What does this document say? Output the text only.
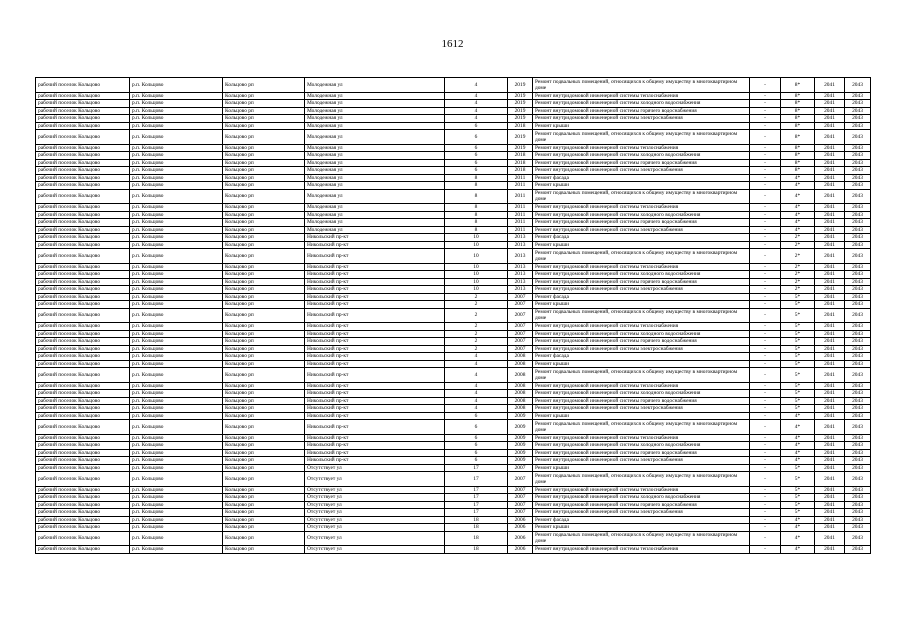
1612
рабочий поселок Кольцово	р.п. Кольцово	Кольцово рп	Молодежная ул	4	2019	Ремонт подвальных помещений, относящихся к общему имуществу в многоквартирном доме	-	8*	2041	2043
рабочий поселок Кольцово	р.п. Кольцово	Кольцово рп	Молодежная ул	4	2019	Ремонт внутридомовой инженерной системы теплоснабжения	-	8*	2041	2043
рабочий поселок Кольцово	р.п. Кольцово	Кольцово рп	Молодежная ул	4	2019	Ремонт внутридомовой инженерной системы холодного водоснабжения	-	8*	2041	2043
рабочий поселок Кольцово	р.п. Кольцово	Кольцово рп	Молодежная ул	4	2019	Ремонт внутридомовой инженерной системы горячего водоснабжения	-	8*	2041	2043
рабочий поселок Кольцово	р.п. Кольцово	Кольцово рп	Молодежная ул	4	2019	Ремонт внутридомовой инженерной системы электроснабжения	-	8*	2041	2043
рабочий поселок Кольцово	р.п. Кольцово	Кольцово рп	Молодежная ул	6	2018	Ремонт крыши	-	8*	2041	2043
рабочий поселок Кольцово	р.п. Кольцово	Кольцово рп	Молодежная ул	6	2019	Ремонт подвальных помещений, относящихся к общему имуществу в многоквартирном доме	-	8*	2041	2043
рабочий поселок Кольцово	р.п. Кольцово	Кольцово рп	Молодежная ул	6	2019	Ремонт внутридомовой инженерной системы теплоснабжения	-	8*	2041	2043
рабочий поселок Кольцово	р.п. Кольцово	Кольцово рп	Молодежная ул	6	2018	Ремонт внутридомовой инженерной системы холодного водоснабжения	-	8*	2041	2043
рабочий поселок Кольцово	р.п. Кольцово	Кольцово рп	Молодежная ул	6	2018	Ремонт внутридомовой инженерной системы горячего водоснабжения	-	8*	2041	2043
рабочий поселок Кольцово	р.п. Кольцово	Кольцово рп	Молодежная ул	6	2018	Ремонт внутридомовой инженерной системы электроснабжения	-	8*	2041	2043
рабочий поселок Кольцово	р.п. Кольцово	Кольцово рп	Молодежная ул	8	2011	Ремонт фасада	-	4*	2041	2043
рабочий поселок Кольцово	р.п. Кольцово	Кольцово рп	Молодежная ул	8	2011	Ремонт крыши	-	4*	2041	2043
рабочий поселок Кольцово	р.п. Кольцово	Кольцово рп	Молодежная ул	8	2011	Ремонт подвальных помещений, относящихся к общему имуществу в многоквартирном доме	-	4*	2041	2043
рабочий поселок Кольцово	р.п. Кольцово	Кольцово рп	Молодежная ул	8	2011	Ремонт внутридомовой инженерной системы теплоснабжения	-	4*	2041	2043
рабочий поселок Кольцово	р.п. Кольцово	Кольцово рп	Молодежная ул	8	2011	Ремонт внутридомовой инженерной системы холодного водоснабжения	-	4*	2041	2043
рабочий поселок Кольцово	р.п. Кольцово	Кольцово рп	Молодежная ул	8	2011	Ремонт внутридомовой инженерной системы горячего водоснабжения	-	4*	2041	2043
рабочий поселок Кольцово	р.п. Кольцово	Кольцово рп	Молодежная ул	8	2011	Ремонт внутридомовой инженерной системы электроснабжения	-	4*	2041	2043
рабочий поселок Кольцово	р.п. Кольцово	Кольцово рп	Никольский пр-кт	10	2013	Ремонт фасада	-	2*	2041	2043
рабочий поселок Кольцово	р.п. Кольцово	Кольцово рп	Никольский пр-кт	10	2013	Ремонт крыши	-	2*	2041	2043
рабочий поселок Кольцово	р.п. Кольцово	Кольцово рп	Никольский пр-кт	10	2013	Ремонт подвальных помещений, относящихся к общему имуществу в многоквартирном доме	-	2*	2041	2043
рабочий поселок Кольцово	р.п. Кольцово	Кольцово рп	Никольский пр-кт	10	2013	Ремонт внутридомовой инженерной системы теплоснабжения	-	2*	2041	2043
рабочий поселок Кольцово	р.п. Кольцово	Кольцово рп	Никольский пр-кт	10	2013	Ремонт внутридомовой инженерной системы холодного водоснабжения	-	2*	2041	2043
рабочий поселок Кольцово	р.п. Кольцово	Кольцово рп	Никольский пр-кт	10	2013	Ремонт внутридомовой инженерной системы горячего водоснабжения	-	2*	2041	2043
рабочий поселок Кольцово	р.п. Кольцово	Кольцово рп	Никольский пр-кт	10	2013	Ремонт внутридомовой инженерной системы электроснабжения	-	2*	2041	2043
рабочий поселок Кольцово	р.п. Кольцово	Кольцово рп	Никольский пр-кт	2	2007	Ремонт фасада	-	5*	2041	2043
рабочий поселок Кольцово	р.п. Кольцово	Кольцово рп	Никольский пр-кт	2	2007	Ремонт крыши	-	5*	2041	2043
рабочий поселок Кольцово	р.п. Кольцово	Кольцово рп	Никольский пр-кт	2	2007	Ремонт подвальных помещений, относящихся к общему имуществу в многоквартирном доме	-	5*	2041	2043
рабочий поселок Кольцово	р.п. Кольцово	Кольцово рп	Никольский пр-кт	2	2007	Ремонт внутридомовой инженерной системы теплоснабжения	-	5*	2041	2043
рабочий поселок Кольцово	р.п. Кольцово	Кольцово рп	Никольский пр-кт	2	2007	Ремонт внутридомовой инженерной системы холодного водоснабжения	-	5*	2041	2043
рабочий поселок Кольцово	р.п. Кольцово	Кольцово рп	Никольский пр-кт	2	2007	Ремонт внутридомовой инженерной системы горячего водоснабжения	-	5*	2041	2043
рабочий поселок Кольцово	р.п. Кольцово	Кольцово рп	Никольский пр-кт	2	2007	Ремонт внутридомовой инженерной системы электроснабжения	-	5*	2041	2043
рабочий поселок Кольцово	р.п. Кольцово	Кольцово рп	Никольский пр-кт	4	2008	Ремонт фасада	-	5*	2041	2043
рабочий поселок Кольцово	р.п. Кольцово	Кольцово рп	Никольский пр-кт	4	2008	Ремонт крыши	-	5*	2041	2043
рабочий поселок Кольцово	р.п. Кольцово	Кольцово рп	Никольский пр-кт	4	2008	Ремонт подвальных помещений, относящихся к общему имуществу в многоквартирном доме	-	5*	2041	2043
рабочий поселок Кольцово	р.п. Кольцово	Кольцово рп	Никольский пр-кт	4	2008	Ремонт внутридомовой инженерной системы теплоснабжения	-	5*	2041	2043
рабочий поселок Кольцово	р.п. Кольцово	Кольцово рп	Никольский пр-кт	4	2008	Ремонт внутридомовой инженерной системы холодного водоснабжения	-	5*	2041	2043
рабочий поселок Кольцово	р.п. Кольцово	Кольцово рп	Никольский пр-кт	4	2008	Ремонт внутридомовой инженерной системы горячего водоснабжения	-	5*	2041	2043
рабочий поселок Кольцово	р.п. Кольцово	Кольцово рп	Никольский пр-кт	4	2008	Ремонт внутридомовой инженерной системы электроснабжения	-	5*	2041	2043
рабочий поселок Кольцово	р.п. Кольцово	Кольцово рп	Никольский пр-кт	6	2009	Ремонт крыши	-	4*	2041	2043
рабочий поселок Кольцово	р.п. Кольцово	Кольцово рп	Никольский пр-кт	6	2009	Ремонт подвальных помещений, относящихся к общему имуществу в многоквартирном доме	-	4*	2041	2043
рабочий поселок Кольцово	р.п. Кольцово	Кольцово рп	Никольский пр-кт	6	2009	Ремонт внутридомовой инженерной системы теплоснабжения	-	4*	2041	2043
рабочий поселок Кольцово	р.п. Кольцово	Кольцово рп	Никольский пр-кт	6	2009	Ремонт внутридомовой инженерной системы холодного водоснабжения	-	4*	2041	2043
рабочий поселок Кольцово	р.п. Кольцово	Кольцово рп	Никольский пр-кт	6	2009	Ремонт внутридомовой инженерной системы горячего водоснабжения	-	4*	2041	2043
рабочий поселок Кольцово	р.п. Кольцово	Кольцово рп	Никольский пр-кт	6	2009	Ремонт внутридомовой инженерной системы электроснабжения	-	4*	2041	2043
рабочий поселок Кольцово	р.п. Кольцово	Кольцово рп	Отсутствует ул	17	2007	Ремонт крыши	-	5*	2041	2043
рабочий поселок Кольцово	р.п. Кольцово	Кольцово рп	Отсутствует ул	17	2007	Ремонт подвальных помещений, относящихся к общему имуществу в многоквартирном доме	-	5*	2041	2043
рабочий поселок Кольцово	р.п. Кольцово	Кольцово рп	Отсутствует ул	17	2007	Ремонт внутридомовой инженерной системы теплоснабжения	-	5*	2041	2043
рабочий поселок Кольцово	р.п. Кольцово	Кольцово рп	Отсутствует ул	17	2007	Ремонт внутридомовой инженерной системы холодного водоснабжения	-	5*	2041	2043
рабочий поселок Кольцово	р.п. Кольцово	Кольцово рп	Отсутствует ул	17	2007	Ремонт внутридомовой инженерной системы горячего водоснабжения	-	5*	2041	2043
рабочий поселок Кольцово	р.п. Кольцово	Кольцово рп	Отсутствует ул	17	2007	Ремонт внутридомовой инженерной системы электроснабжения	-	5*	2041	2043
рабочий поселок Кольцово	р.п. Кольцово	Кольцово рп	Отсутствует ул	18	2006	Ремонт фасада	-	4*	2041	2043
рабочий поселок Кольцово	р.п. Кольцово	Кольцово рп	Отсутствует ул	18	2006	Ремонт крыши	-	4*	2041	2043
рабочий поселок Кольцово	р.п. Кольцово	Кольцово рп	Отсутствует ул	18	2006	Ремонт подвальных помещений, относящихся к общему имуществу в многоквартирном доме	-	4*	2041	2043
рабочий поселок Кольцово	р.п. Кольцово	Кольцово рп	Отсутствует ул	18	2006	Ремонт внутридомовой инженерной системы теплоснабжения	-	4*	2041	2043
